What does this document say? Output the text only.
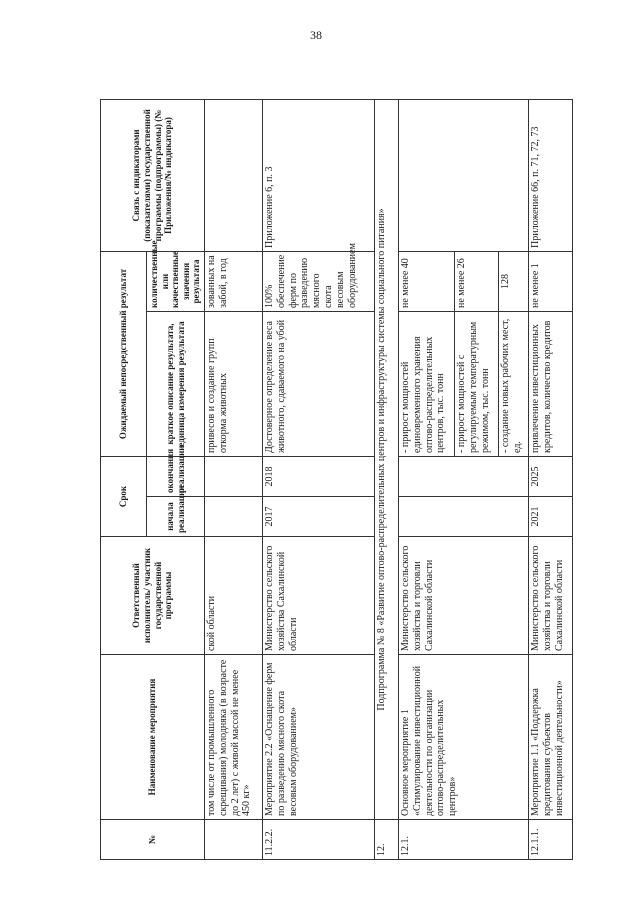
38
№	Наименование мероприятия	Ответственный исполнитель/ участник государственной программы	Срок		Ожидаемый непосредственный результат		Связь с индикаторами (показателями) государственной программы (подпрограммы) (№ Приложения/№ индикатора)
			начала реализации	окончания реализации	краткое описание результата, единица измерения результата	количественные или качественные значения результата	
	том числе от промышленного скрещивания) молодняка (в возрасте до 2 лет) с живой массой не менее 450 кг»	ской области			привесов и создание групп откорма животных	зованных на забой, в год	
11.2.2.	Мероприятие 2.2 «Оснащение ферм по разведению мясного скота весовым оборудованием»	Министерство сельского хозяйства Сахалинской области	2017	2018	Достоверное определение веса животного, сдаваемого на убой	100% обеспечение ферм по разведению мясного скота весовым оборудованием	Приложение 6, п. 3
12.	Подпрограмма № 8 «Развитие оптово-распределительных центров и инфраструктуры системы социального питания»						
12.1.	Основное мероприятие 1 «Стимулирование инвестиционной деятельности по организации оптово-распределительных центров»	Министерство сельского хозяйства и торговли Сахалинской области			- прирост мощностей единовременного хранения оптово-распределительных центров, тыс. тонн	не менее 40	
					- прирост мощностей с регулируемым температурным режимом, тыс. тонн	не менее 26	
					- создание новых рабочих мест, ед.	128	
12.1.1.	Мероприятие 1.1 «Поддержка кредитования субъектов инвестиционной деятельности»	Министерство сельского хозяйства и торговли Сахалинской области	2021	2025	привлечение инвестиционных кредитов, количество кредитов	не менее 1	Приложение 66, п. 71, 72, 73
